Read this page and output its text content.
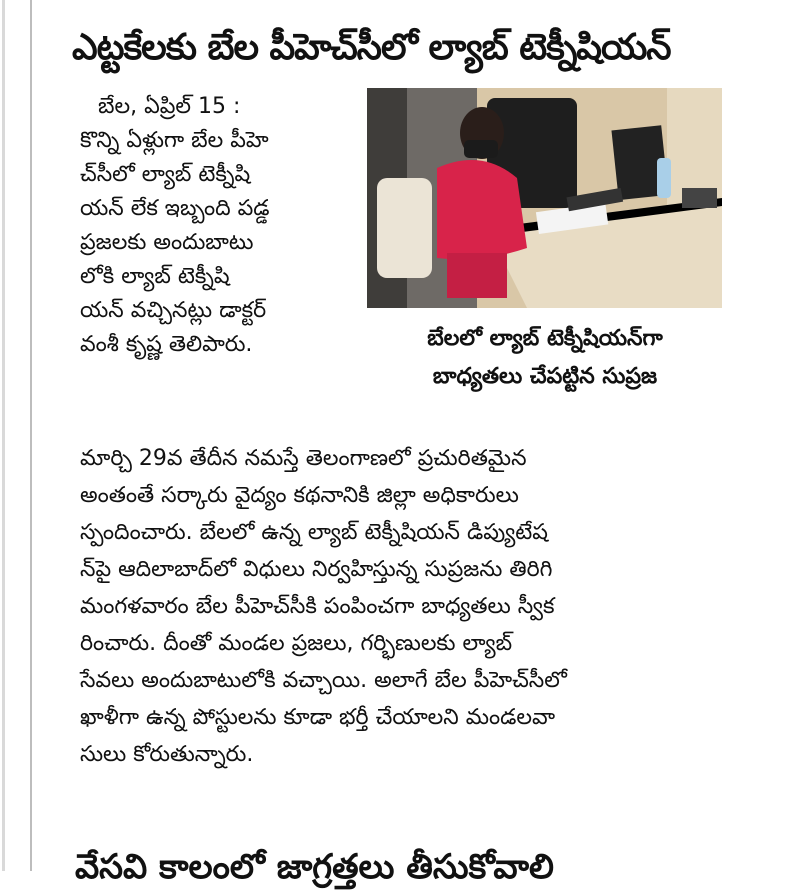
ఎట్టకేలకు బేల పీహెచ్‌సీలో ల్యాబ్ టెక్నీషియన్
బేల, ఏప్రిల్ 15 :
కొన్ని ఏళ్లుగా బేల పీహె
చ్‌సీలో ల్యాబ్ టెక్నీషి
యన్ లేక ఇబ్బంది పడ్డ
ప్రజలకు అందుబాటు
లోకి ల్యాబ్ టెక్నీషి
యన్ వచ్చినట్లు డాక్టర్
వంశీ కృష్ణ తెలిపారు.	బేలలో ల్యాబ్ టెక్నీషియన్‌గా
బాధ్యతలు చేపట్టిన సుప్రజ
మార్చి 29వ తేదీన నమస్తే తెలంగాణలో ప్రచురితమైన
అంతంతే సర్కారు వైద్యం కథనానికి జిల్లా అధికారులు
స్పందించారు. బేలలో ఉన్న ల్యాబ్ టెక్నీషియన్ డిప్యుటేష
న్‌పై ఆదిలాబాద్‌లో విధులు నిర్వహిస్తున్న సుప్రజను తిరిగి
మంగళవారం బేల పీహెచ్‌సీకి పంపించగా బాధ్యతలు స్వీక
రించారు. దీంతో మండల ప్రజలు, గర్భిణులకు ల్యాబ్
సేవలు అందుబాటులోకి వచ్చాయి. అలాగే బేల పీహెచ్‌సీలో
ఖాళీగా ఉన్న పోస్టులను కూడా భర్తీ చేయాలని మండలవా
సులు కోరుతున్నారు.
వేసవి కాలంలో జాగ్రత్తలు తీసుకోవాలి
